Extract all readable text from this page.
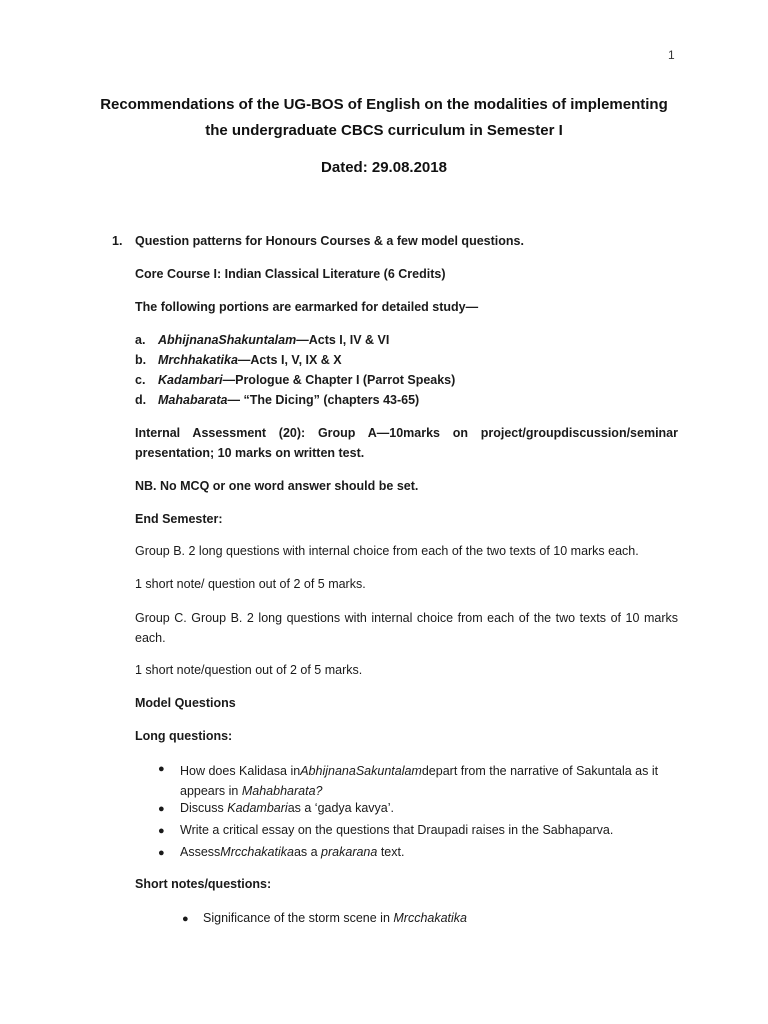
1

Recommendations of the UG-BOS of English on the modalities of implementing
the undergraduate CBCS curriculum in Semester I

Dated: 29.08.2018

1. Question patterns for Honours Courses & a few model questions.

Core Course I: Indian Classical Literature (6 Credits)

The following portions are earmarked for detailed study—

a. AbhijnanaShakuntalam—Acts I, IV & VI

b. Mrchhakatika—Acts I, V, IX & X

c. Kadambari—Prologue & Chapter I (Parrot Speaks)

d. Mahabarata— “The Dicing” (chapters 43-65)

Internal Assessment (20): Group A—10marks on project/groupdiscussion/seminar presentation; 10 marks on written test.

NB. No MCQ or one word answer should be set.

End Semester:

Group B. 2 long questions with internal choice from each of the two texts of 10 marks each.

1 short note/ question out of 2 of 5 marks.

Group C. Group B. 2 long questions with internal choice from each of the two texts of 10 marks each.

1 short note/question out of 2 of 5 marks.

Model Questions

Long questions:

● How does Kalidasa inAbhijnanaSakuntalamdepart from the narrative of Sakuntala as it appears in Mahabharata?

● Discuss Kadambarias a ‘gadya kavya’.

● Write a critical essay on the questions that Draupadi raises in the Sabhaparva.

● AssessMrcchakatikaas a prakarana text.

Short notes/questions:

● Significance of the storm scene in Mrcchakatika
